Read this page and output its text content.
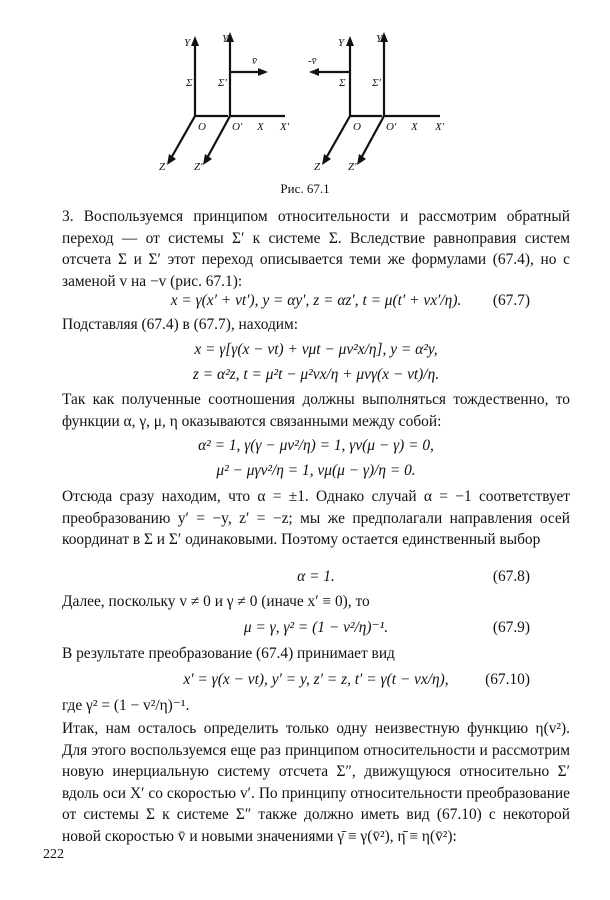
Y	Y'
Σ Σ'
O O' X X'
Z	Z'
v̄
Y	Y'
Σ Σ'
O O' X X'
Z	Z'
-v̄
Рис. 67.1

3. Воспользуемся принципом относительности и рассмотрим обратный переход — от системы Σ′ к системе Σ. Вследствие равноправия систем отсчета Σ и Σ′ этот переход описывается теми же формулами (67.4), но с заменой v на −v (рис. 67.1):

x = γ(x′ + vt′), y = αy′, z = αz′, t = μ(t′ + vx′/η).	(67.7)

Подставляя (67.4) в (67.7), находим:

x = γ[γ(x − vt) + vμt − μv²x/η], y = α²y,
z = α²z, t = μ²t − μ²vx/η + μvγ(x − vt)/η.

Так как полученные соотношения должны выполняться тождественно, то функции α, γ, μ, η оказываются связанными между собой:

α² = 1, γ(γ − μv²/η) = 1, γv(μ − γ) = 0,
μ² − μγv²/η = 1, vμ(μ − γ)/η = 0.

Отсюда сразу находим, что α = ±1. Однако случай α = −1 соответствует преобразованию y′ = −y, z′ = −z; мы же предполагали направления осей координат в Σ и Σ′ одинаковыми. Поэтому остается единственный выбор

α = 1.	(67.8)

Далее, поскольку v ≠ 0 и γ ≠ 0 (иначе x′ ≡ 0), то

μ = γ, γ² = (1 − v²/η)⁻¹.	(67.9)

В результате преобразование (67.4) принимает вид

x′ = γ(x − vt), y′ = y, z′ = z, t′ = γ(t − vx/η),	(67.10)

где γ² = (1 − v²/η)⁻¹.

Итак, нам осталось определить только одну неизвестную функцию η(v²). Для этого воспользуемся еще раз принципом относительности и рассмотрим новую инерциальную систему отсчета Σ″, движущуюся относительно Σ′ вдоль оси X′ со скоростью v′. По принципу относительности преобразование от системы Σ к системе Σ″ также должно иметь вид (67.10) с некоторой новой скоростью v̄ и новыми значениями γ̄ ≡ γ(v̄²), η̄ ≡ η(v̄²):

222
